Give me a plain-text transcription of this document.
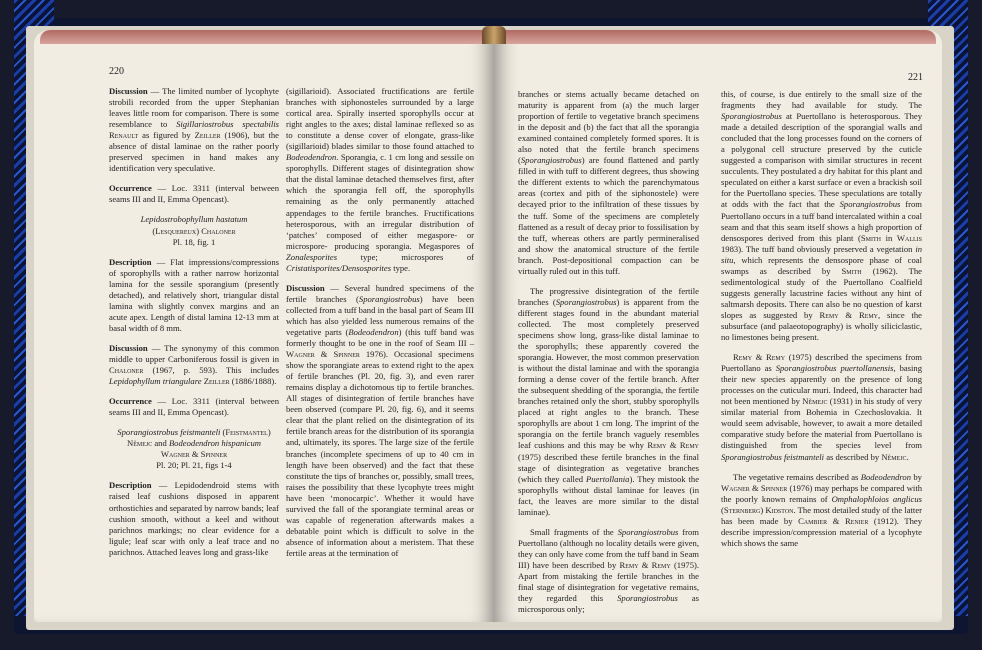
220
221

Discussion — The limited number of lycophyte strobili recorded from the upper Stephanian leaves little room for comparison. There is some resemblance to Sigillariostrobus spectabilis Renault as figured by Zeiller (1906), but the absence of distal laminae on the rather poorly preserved specimen in hand makes any identification very speculative.

Occurrence — Loc. 3311 (interval between seams III and II, Emma Opencast).

Lepidostrobophyllum hastatum
(Lesquereux) Chaloner
Pl. 18, fig. 1

Description — Flat impressions/compressions of sporophylls with a rather narrow horizontal lamina for the sessile sporangium (presently detached), and relatively short, triangular distal lamina with slightly convex margins and an acute apex. Length of distal lamina 12-13 mm at basal width of 8 mm.

Discussion — The synonymy of this common middle to upper Carboniferous fossil is given in Chaloner (1967, p. 593). This includes Lepidophyllum triangulare Zeiller (1886/1888).

Occurrence — Loc. 3311 (interval between seams III and II, Emma Opencast).

Sporangiostrobus feistmanteli (Feistmantel)
Němejc and Bodeodendron hispanicum
Wagner & Spinner
Pl. 20; Pl. 21, figs 1-4

Description — Lepidodendroid stems with raised leaf cushions disposed in apparent orthostichies and separated by narrow bands; leaf cushion smooth, without a keel and without parichnos markings; no clear evidence for a ligule; leaf scar with only a leaf trace and no parichnos. Attached leaves long and grass-like

(sigillarioid). Associated fructifications are fertile branches with siphonosteles surrounded by a large cortical area. Spirally inserted sporophylls occur at right angles to the axes; distal laminae reflexed so as to constitute a dense cover of elongate, grass-like (sigillarioid) blades similar to those found attached to Bodeodendron. Sporangia, c. 1 cm long and sessile on sporophylls. Different stages of disintegration show that the distal laminae detached themselves first, after which the sporangia fell off, the sporophylls remaining as the only permanently attached appendages to the fertile branches. Fructifications heterosporous, with an irregular distribution of ‘patches’ composed of either megaspore- or microspore- producing sporangia. Megaspores of Zonalesporites type; microspores of Cristatisporites/Densosporites type.

Discussion — Several hundred specimens of the fertile branches (Sporangiostrobus) have been collected from a tuff band in the basal part of Seam III which has also yielded less numerous remains of the vegetative parts (Bodeodendron) (this tuff band was formerly thought to be one in the roof of Seam III – Wagner & Spinner 1976). Occasional specimens show the sporangiate areas to extend right to the apex of fertile branches (Pl. 20, fig. 3), and even rarer remains display a dichotomous tip to fertile branches. All stages of disintegration of fertile branches have been observed (compare Pl. 20, fig. 6), and it seems clear that the plant relied on the disintegration of its fertile branch areas for the distribution of its sporangia and, ultimately, its spores. The large size of the fertile branches (incomplete specimens of up to 40 cm in length have been observed) and the fact that these constitute the tips of branches or, possibly, small trees, raises the possibility that these lycophyte trees might have been ‘monocarpic’. Whether it would have survived the fall of the sporangiate terminal areas or was capable of regeneration afterwards makes a debatable point which is difficult to solve in the absence of information about a meristem. That these fertile areas at the termination of

branches or stems actually became detached on maturity is apparent from (a) the much larger proportion of fertile to vegetative branch specimens in the deposit and (b) the fact that all the sporangia examined contained completely formed spores. It is also noted that the fertile branch specimens (Sporangiostrobus) are found flattened and partly filled in with tuff to different degrees, thus showing the different extents to which the parenchymatous areas (cortex and pith of the siphonostele) were decayed prior to the infiltration of these tissues by the tuff. Some of the specimens are completely flattened as a result of decay prior to fossilisation by the tuff, whereas others are partly permineralised and show the anatomical structure of the fertile branch. Post-depositional compaction can be virtually ruled out in this tuff.

The progressive disintegration of the fertile branches (Sporangiostrobus) is apparent from the different stages found in the abundant material collected. The most completely preserved specimens show long, grass-like distal laminae to the sporophylls; these apparently covered the sporangia. However, the most common preservation is without the distal laminae and with the sporangia forming a dense cover of the fertile branch. After the subsequent shedding of the sporangia, the fertile branches retained only the short, stubby sporophylls placed at right angles to the branch. These sporophylls are about 1 cm long. The imprint of the sporangia on the fertile branch vaguely resembles leaf cushions and this may be why Remy & Remy (1975) described these fertile branches in the final stage of disintegration as vegetative branches (which they called Puertollania). They mistook the sporophylls without distal laminae for leaves (in fact, the leaves are more similar to the distal laminae).

Small fragments of the Sporangiostrobus from Puertollano (although no locality details were given, they can only have come from the tuff band in Seam III) have been described by Remy & Remy (1975). Apart from mistaking the fertile branches in the final stage of disintegration for vegetative remains, they regarded this Sporangiostrobus as microsporous only;

this, of course, is due entirely to the small size of the fragments they had available for study. The Sporangiostrobus at Puertollano is heterosporous. They made a detailed description of the sporangial walls and concluded that the long processes found on the corners of a polygonal cell structure preserved by the cuticle suggested a comparison with similar structures in recent succulents. They postulated a dry habitat for this plant and speculated on either a karst surface or even a brackish soil for the Puertollano species. These speculations are totally at odds with the fact that the Sporangiostrobus from Puertollano occurs in a tuff band intercalated within a coal seam and that this seam itself shows a high proportion of densospores derived from this plant (Smith in Wallis 1983). The tuff band obviously preserved a vegetation in situ, which represents the densospore phase of coal swamps as described by Smith (1962). The sedimentological study of the Puertollano Coalfield suggests generally lacustrine facies without any hint of saltmarsh deposits. There can also be no question of karst slopes as suggested by Remy & Remy, since the subsurface (and palaeotopography) is wholly siliciclastic, no limestones being present.

Remy & Remy (1975) described the specimens from Puertollano as Sporangiostrobus puertollanensis, basing their new species apparently on the presence of long processes on the cuticular muri. Indeed, this character had not been mentioned by Němejc (1931) in his study of very similar material from Bohemia in Czechoslovakia. It would seem advisable, however, to await a more detailed comparative study before the material from Puertollano is distinguished from the species level from Sporangiostrobus feistmanteli as described by Němejc.

The vegetative remains described as Bodeodendron by Wagner & Spinner (1976) may perhaps be compared with the poorly known remains of Omphalophloios anglicus (Sternberg) Kidston. The most detailed study of the latter has been made by Cambier & Renier (1912). They describe impression/compression material of a lycophyte which shows the same
